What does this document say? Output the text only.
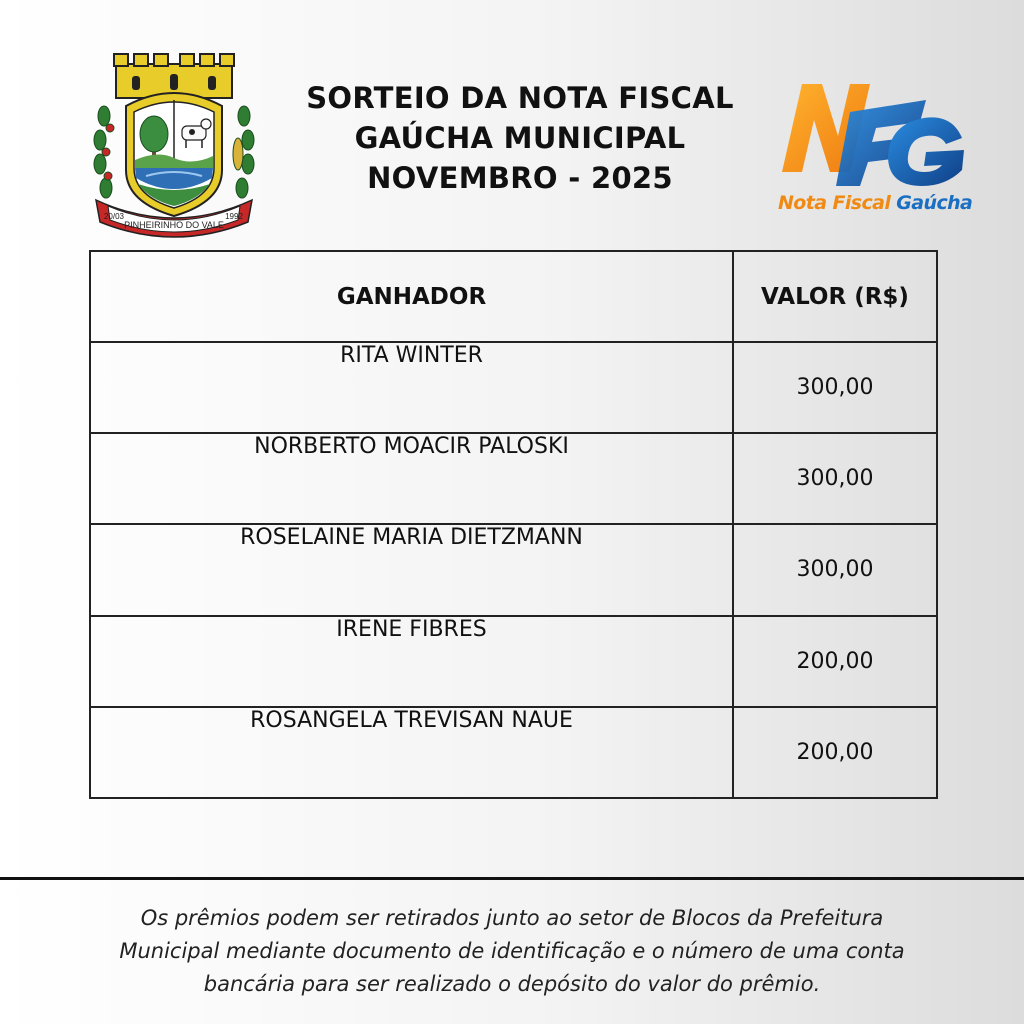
PINHEIRINHO DO VALE
20/03	1992
SORTEIO DA NOTA FISCAL
GAÚCHA MUNICIPAL
NOVEMBRO - 2025
Nota Fiscal Gaúcha
GANHADOR	VALOR (R$)
RITA WINTER	300,00
NORBERTO MOACIR PALOSKI	300,00
ROSELAINE MARIA DIETZMANN	300,00
IRENE FIBRES	200,00
ROSANGELA TREVISAN NAUE	200,00
Os prêmios podem ser retirados junto ao setor de Blocos da Prefeitura
Municipal mediante documento de identificação e o número de uma conta
bancária para ser realizado o depósito do valor do prêmio.
